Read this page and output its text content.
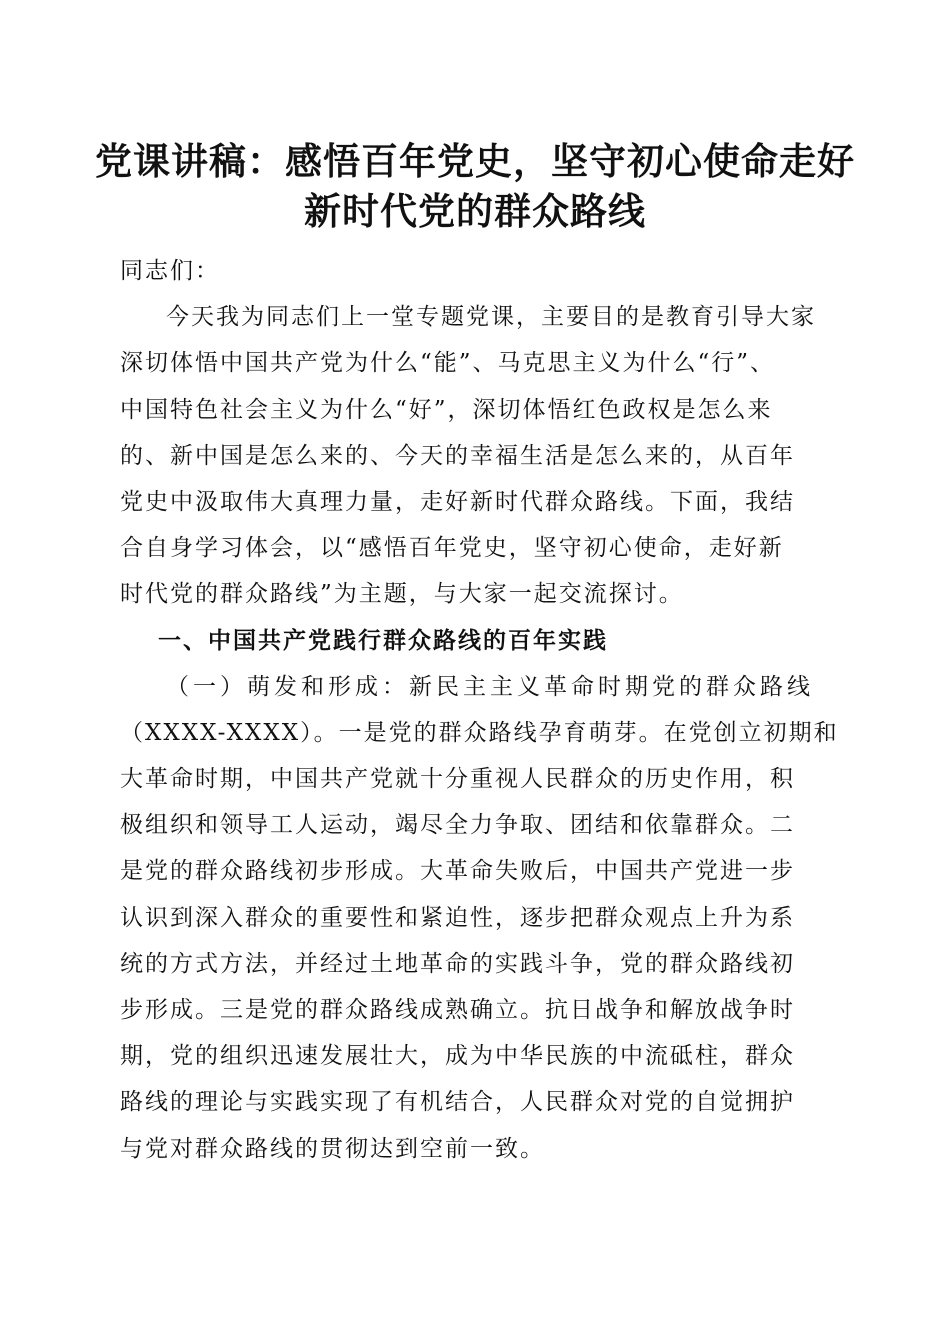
党课讲稿：感悟百年党史，坚守初心使命走好
新时代党的群众路线
同志们：
今天我为同志们上一堂专题党课，主要目的是教育引导大家
深切体悟中国共产党为什么“能”、马克思主义为什么“行”、
中国特色社会主义为什么“好”，深切体悟红色政权是怎么来
的、新中国是怎么来的、今天的幸福生活是怎么来的，从百年
党史中汲取伟大真理力量，走好新时代群众路线。下面，我结
合自身学习体会，以“感悟百年党史，坚守初心使命，走好新
时代党的群众路线”为主题，与大家一起交流探讨。
一、中国共产党践行群众路线的百年实践
（一）萌发和形成：新民主主义革命时期党的群众路线
（XXXX-XXXX）。一是党的群众路线孕育萌芽。在党创立初期和
大革命时期，中国共产党就十分重视人民群众的历史作用，积
极组织和领导工人运动，竭尽全力争取、团结和依靠群众。二
是党的群众路线初步形成。大革命失败后，中国共产党进一步
认识到深入群众的重要性和紧迫性，逐步把群众观点上升为系
统的方式方法，并经过土地革命的实践斗争，党的群众路线初
步形成。三是党的群众路线成熟确立。抗日战争和解放战争时
期，党的组织迅速发展壮大，成为中华民族的中流砥柱，群众
路线的理论与实践实现了有机结合，人民群众对党的自觉拥护
与党对群众路线的贯彻达到空前一致。
